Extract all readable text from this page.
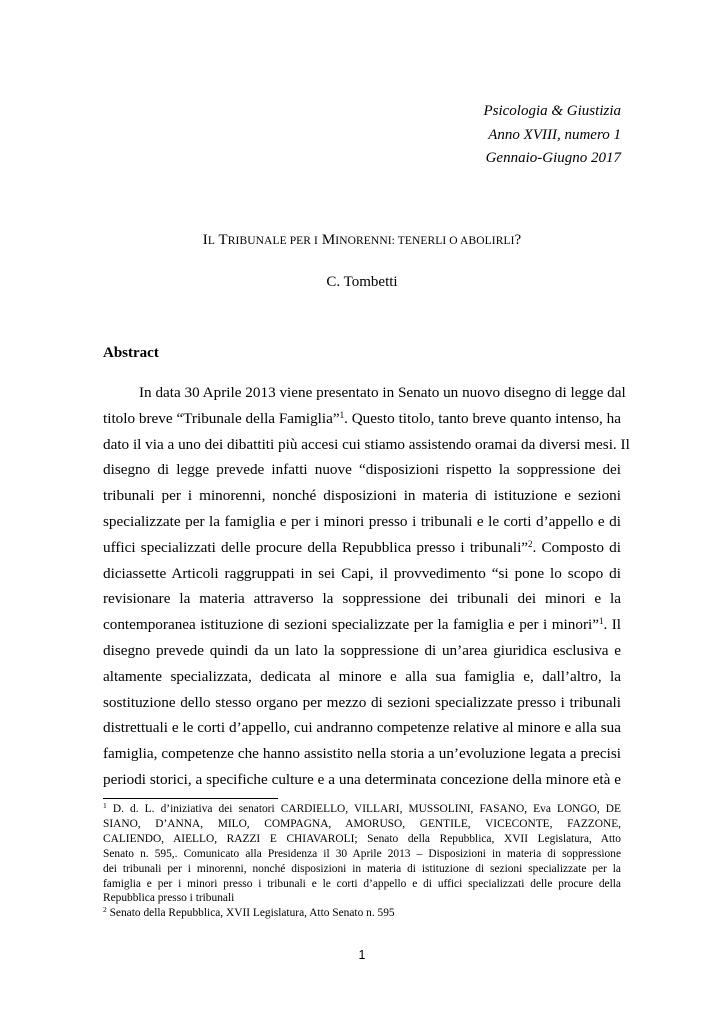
Psicologia & Giustizia
Anno XVIII, numero 1
Gennaio-Giugno 2017
IL TRIBUNALE PER I MINORENNI: TENERLI O ABOLIRLI?
C. Tombetti
Abstract
In data 30 Aprile 2013 viene presentato in Senato un nuovo disegno di legge dal
titolo breve “Tribunale della Famiglia”$^1$. Questo titolo, tanto breve quanto intenso, ha
dato il via a uno dei dibattiti più accesi cui stiamo assistendo oramai da diversi mesi. Il
disegno di legge prevede infatti nuove “disposizioni rispetto la soppressione dei
tribunali per i minorenni, nonché disposizioni in materia di istituzione e sezioni
specializzate per la famiglia e per i minori presso i tribunali e le corti d’appello e di
uffici specializzati delle procure della Repubblica presso i tribunali”$^2$. Composto di
diciassette Articoli raggruppati in sei Capi, il provvedimento “si pone lo scopo di
revisionare la materia attraverso la soppressione dei tribunali dei minori e la
contemporanea istituzione di sezioni specializzate per la famiglia e per i minori”$^1$. Il
disegno prevede quindi da un lato la soppressione di un’area giuridica esclusiva e
altamente specializzata, dedicata al minore e alla sua famiglia e, dall’altro, la
sostituzione dello stesso organo per mezzo di sezioni specializzate presso i tribunali
distrettuali e le corti d’appello, cui andranno competenze relative al minore e alla sua
famiglia, competenze che hanno assistito nella storia a un’evoluzione legata a precisi
periodi storici, a specifiche culture e a una determinata concezione della minore età e
$^1$ D. d. L. d’iniziativa dei senatori CARDIELLO, VILLARI, MUSSOLINI, FASANO, Eva LONGO, DE
SIANO, D’ANNA, MILO, COMPAGNA, AMORUSO, GENTILE, VICECONTE, FAZZONE,
CALIENDO, AIELLO, RAZZI E CHIAVAROLI; Senato della Repubblica, XVII Legislatura, Atto
Senato n. 595,. Comunicato alla Presidenza il 30 Aprile 2013 – Disposizioni in materia di soppressione
dei tribunali per i minorenni, nonché disposizioni in materia di istituzione di sezioni specializzate per la
famiglia e per i minori presso i tribunali e le corti d’appello e di uffici specializzati delle procure della
Repubblica presso i tribunali
$^2$ Senato della Repubblica, XVII Legislatura, Atto Senato n. 595
1
